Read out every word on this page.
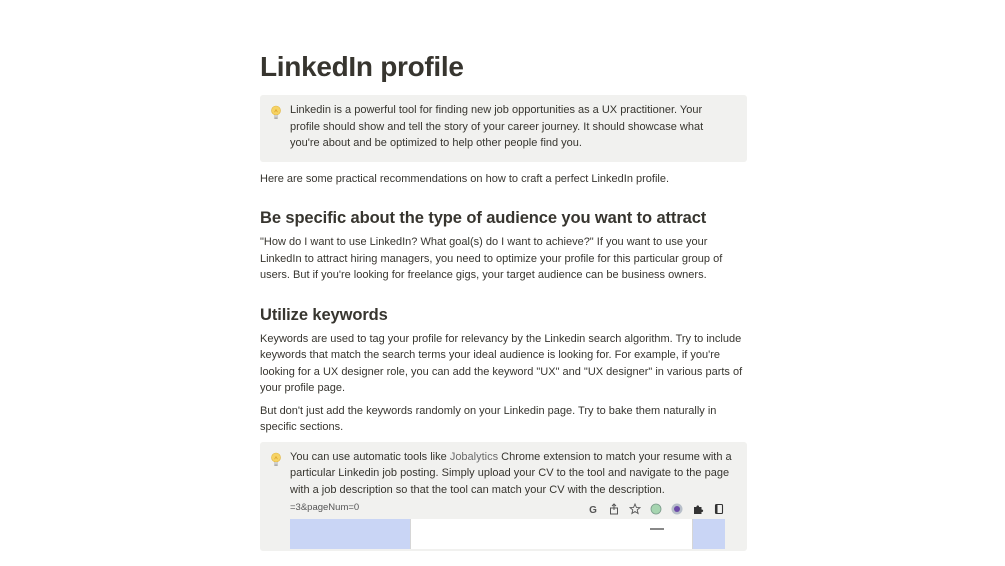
LinkedIn profile

Linkedin is a powerful tool for finding new job opportunities as a UX practitioner. Your profile should show and tell the story of your career journey. It should showcase what you're about and be optimized to help other people find you.

Here are some practical recommendations on how to craft a perfect LinkedIn profile.

Be specific about the type of audience you want to attract

"How do I want to use LinkedIn? What goal(s) do I want to achieve?" If you want to use your LinkedIn to attract hiring managers, you need to optimize your profile for this particular group of users. But if you're looking for freelance gigs, your target audience can be business owners.

Utilize keywords

Keywords are used to tag your profile for relevancy by the Linkedin search algorithm. Try to include keywords that match the search terms your ideal audience is looking for. For example, if you're looking for a UX designer role, you can add the keyword "UX" and "UX designer" in various parts of your profile page.

But don't just add the keywords randomly on your Linkedin page. Try to bake them naturally in specific sections.

You can use automatic tools like Jobalytics Chrome extension to match your resume with a particular Linkedin job posting. Simply upload your CV to the tool and navigate to the page with a job description so that the tool can match your CV with the description.

=3&pageNum=0	G
